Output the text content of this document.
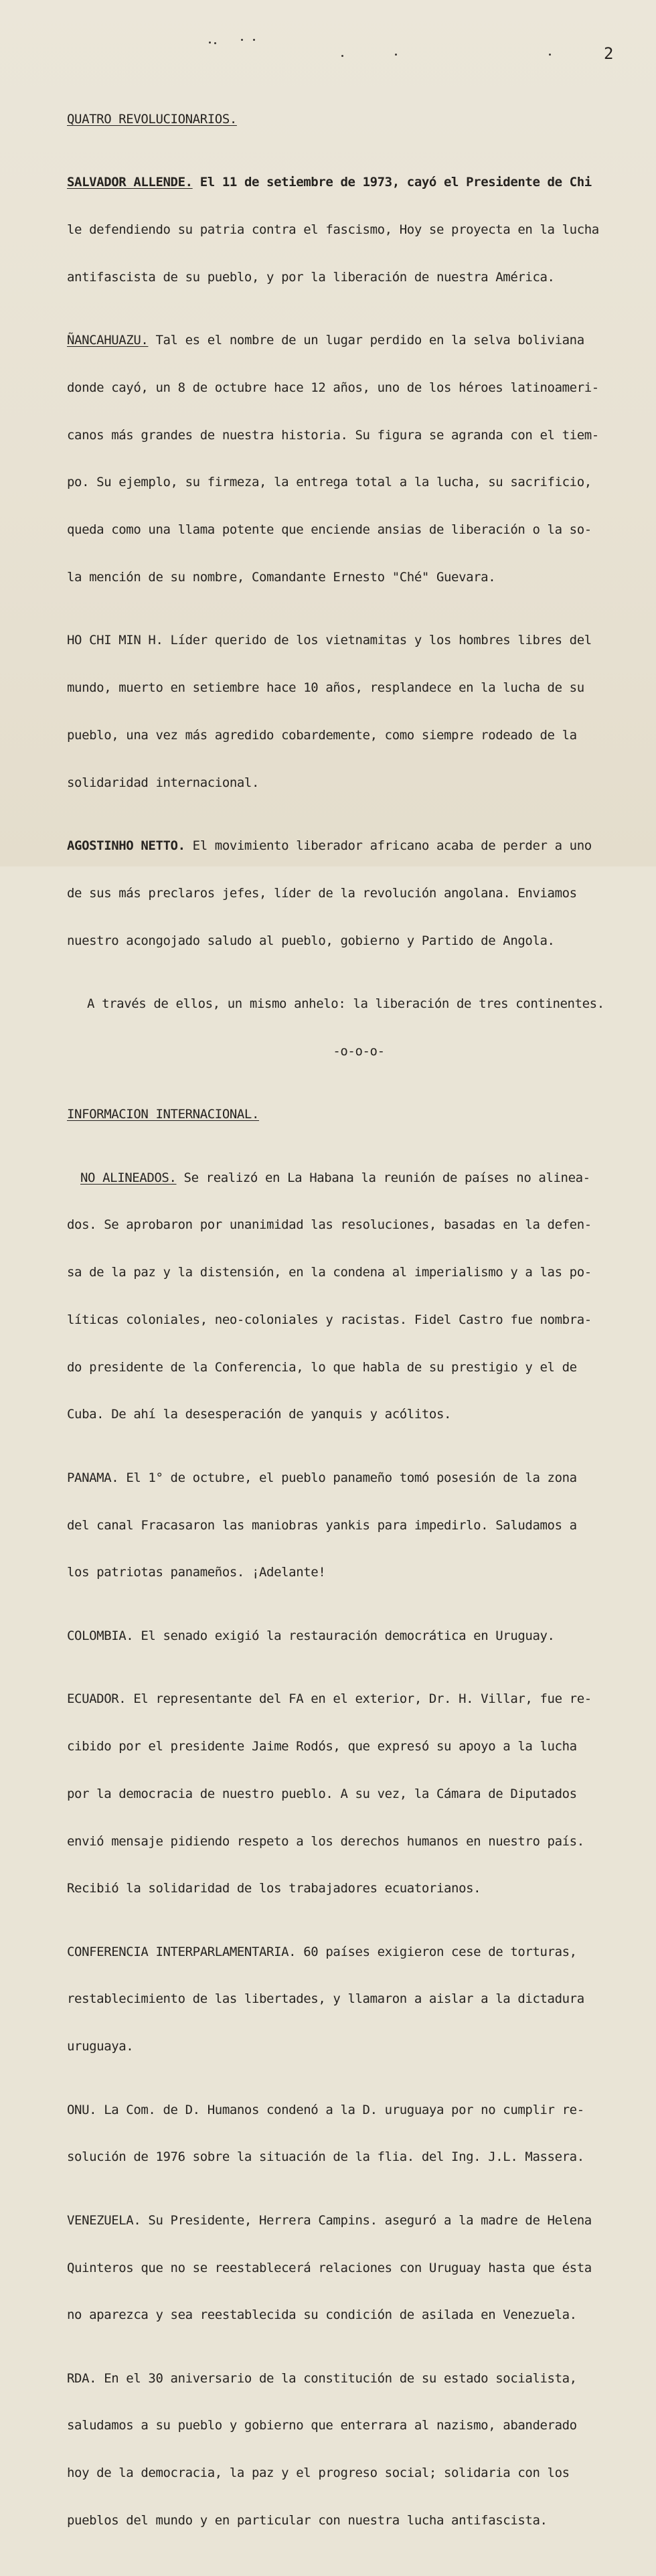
2

QUATRO REVOLUCIONARIOS.

SALVADOR ALLENDE. El 11 de setiembre de 1973, cayó el Presidente de Chi

le defendiendo su patria contra el fascismo, Hoy se proyecta en la lucha

antifascista de su pueblo, y por la liberación de nuestra América.

ÑANCAHUAZU. Tal es el nombre de un lugar perdido en la selva boliviana

donde cayó, un 8 de octubre hace 12 años, uno de los héroes latinoameri-

canos más grandes de nuestra historia. Su figura se agranda con el tiem-

po. Su ejemplo, su firmeza, la entrega total a la lucha, su sacrificio,

queda como una llama potente que enciende ansias de liberación o la so-

la mención de su nombre, Comandante Ernesto "Ché" Guevara.

HO CHI MIN H. Líder querido de los vietnamitas y los hombres libres del

mundo, muerto en setiembre hace 10 años, resplandece en la lucha de su

pueblo, una vez más agredido cobardemente, como siempre rodeado de la

solidaridad internacional.

AGOSTINHO NETTO. El movimiento liberador africano acaba de perder a uno

de sus más preclaros jefes, líder de la revolución angolana. Enviamos

nuestro acongojado saludo al pueblo, gobierno y Partido de Angola.

A través de ellos, un mismo anhelo: la liberación de tres continentes.

-o-o-o-

INFORMACION INTERNACIONAL.

NO ALINEADOS. Se realizó en La Habana la reunión de países no alinea-

dos. Se aprobaron por unanimidad las resoluciones, basadas en la defen-

sa de la paz y la distensión, en la condena al imperialismo y a las po-

líticas coloniales, neo-coloniales y racistas. Fidel Castro fue nombra-

do presidente de la Conferencia, lo que habla de su prestigio y el de

Cuba. De ahí la desesperación de yanquis y acólitos.

PANAMA. El 1° de octubre, el pueblo panameño tomó posesión de la zona

del canal Fracasaron las maniobras yankis para impedirlo. Saludamos a

los patriotas panameños. ¡Adelante!

COLOMBIA. El senado exigió la restauración democrática en Uruguay.

ECUADOR. El representante del FA en el exterior, Dr. H. Villar, fue re-

cibido por el presidente Jaime Rodós, que expresó su apoyo a la lucha

por la democracia de nuestro pueblo. A su vez, la Cámara de Diputados

envió mensaje pidiendo respeto a los derechos humanos en nuestro país.

Recibió la solidaridad de los trabajadores ecuatorianos.

CONFERENCIA INTERPARLAMENTARIA. 60 países exigieron cese de torturas,

restablecimiento de las libertades, y llamaron a aislar a la dictadura

uruguaya.

ONU. La Com. de D. Humanos condenó a la D. uruguaya por no cumplir re-

solución de 1976 sobre la situación de la flia. del Ing. J.L. Massera.

VENEZUELA. Su Presidente, Herrera Campins. aseguró a la madre de Helena

Quinteros que no se reestablecerá relaciones con Uruguay hasta que ésta

no aparezca y sea reestablecida su condición de asilada en Venezuela.

RDA. En el 30 aniversario de la constitución de su estado socialista,

saludamos a su pueblo y gobierno que enterrara al nazismo, abanderado

hoy de la democracia, la paz y el progreso social; solidaria con los

pueblos del mundo y en particular con nuestra lucha antifascista.
